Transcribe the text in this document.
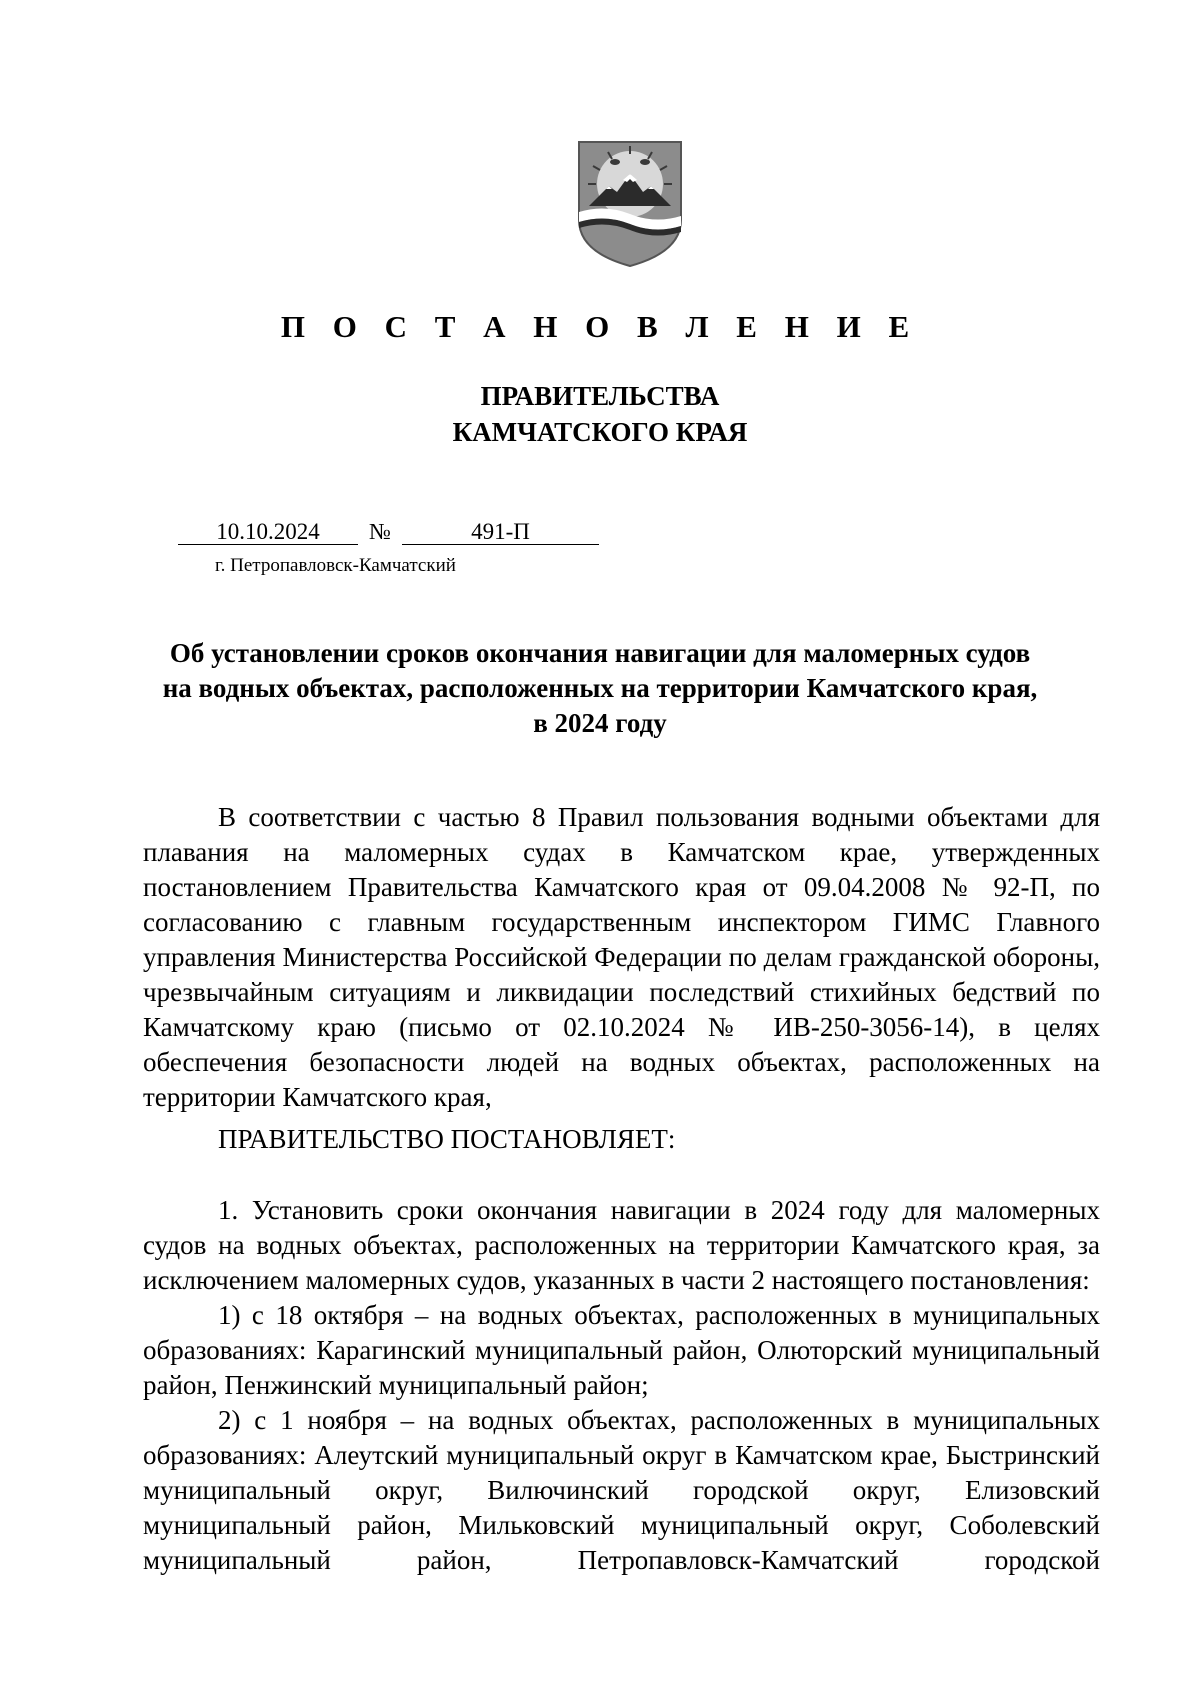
П О С Т А Н О В Л Е Н И Е
ПРАВИТЕЛЬСТВА
КАМЧАТСКОГО КРАЯ
10.10.2024 №	491-П
г. Петропавловск-Камчатский
Об установлении сроков окончания навигации для маломерных судов
на водных объектах, расположенных на территории Камчатского края,
в 2024 году

В соответствии с частью 8 Правил пользования водными объектами для плавания на маломерных судах в Камчатском крае, утвержденных постановлением Правительства Камчатского края от 09.04.2008 № 92-П, по согласованию с главным государственным инспектором ГИМС Главного управления Министерства Российской Федерации по делам гражданской обороны, чрезвычайным ситуациям и ликвидации последствий стихийных бедствий по Камчатскому краю (письмо от 02.10.2024 № ИВ-250-3056-14), в целях обеспечения безопасности людей на водных объектах, расположенных на территории Камчатского края,

ПРАВИТЕЛЬСТВО ПОСТАНОВЛЯЕТ:

1. Установить сроки окончания навигации в 2024 году для маломерных судов на водных объектах, расположенных на территории Камчатского края, за исключением маломерных судов, указанных в части 2 настоящего постановления:

1) с 18 октября – на водных объектах, расположенных в муниципальных образованиях: Карагинский муниципальный район, Олюторский муниципальный район, Пенжинский муниципальный район;

2) с 1 ноября – на водных объектах, расположенных в муниципальных образованиях: Алеутский муниципальный округ в Камчатском крае, Быстринский муниципальный округ, Вилючинский городской округ, Елизовский муниципальный район, Мильковский муниципальный округ, Соболевский муниципальный район, Петропавловск-Камчатский городской
